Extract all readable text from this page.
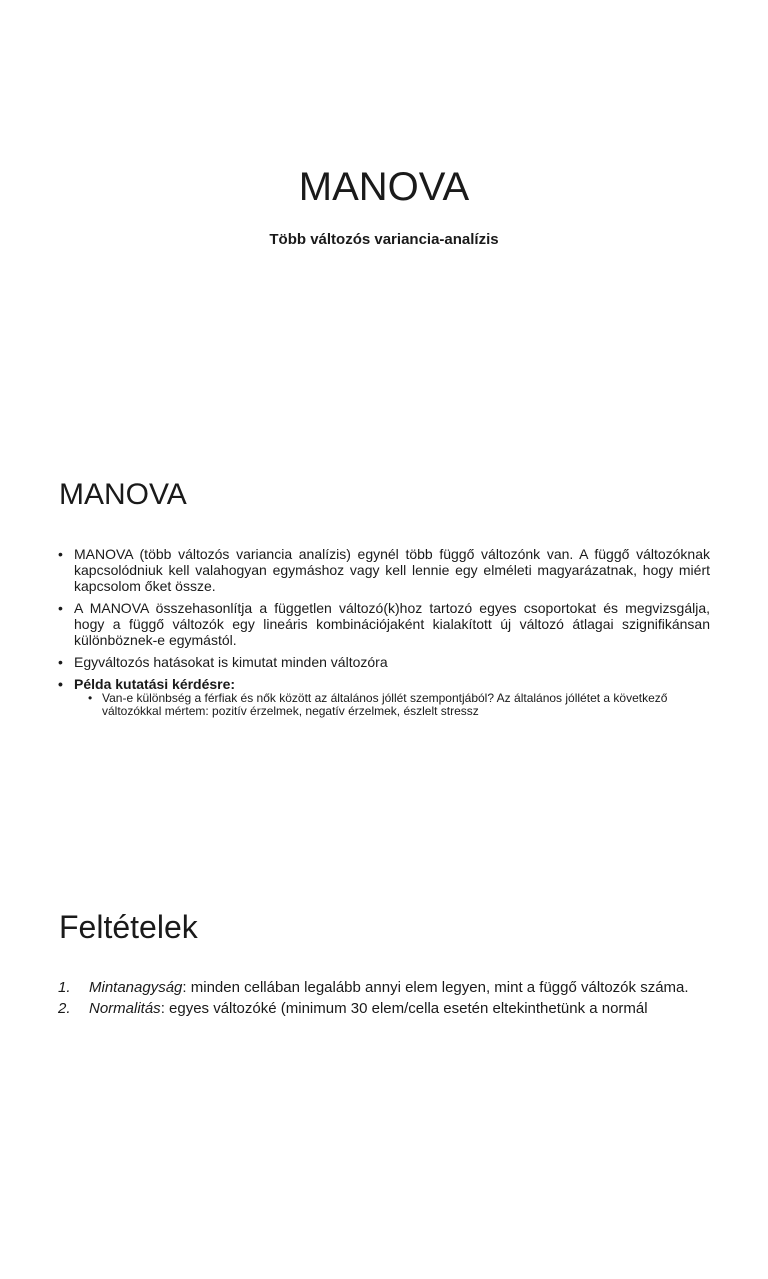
MANOVA

Több változós variancia-analízis

MANOVA
• MANOVA (több változós variancia analízis) egynél több függő változónk van. A függő változóknak kapcsolódniuk kell valahogyan egymáshoz vagy kell lennie egy elméleti magyarázatnak, hogy miért kapcsolom őket össze.
• A MANOVA összehasonlítja a független változó(k)hoz tartozó egyes csoportokat és megvizsgálja, hogy a függő változók egy lineáris kombinációjaként kialakított új változó átlagai szignifikánsan különböznek-e egymástól.
• Egyváltozós hatásokat is kimutat minden változóra
• Példa kutatási kérdésre:
• Van-e különbség a férfiak és nők között az általános jóllét szempontjából? Az általános jóllétet a következő változókkal mértem: pozitív érzelmek, negatív érzelmek, észlelt stressz
Feltételek
1. Mintanagyság: minden cellában legalább annyi elem legyen, mint a függő változók száma.
2. Normalitás: egyes változóké (minimum 30 elem/cella esetén eltekinthetünk a normál
